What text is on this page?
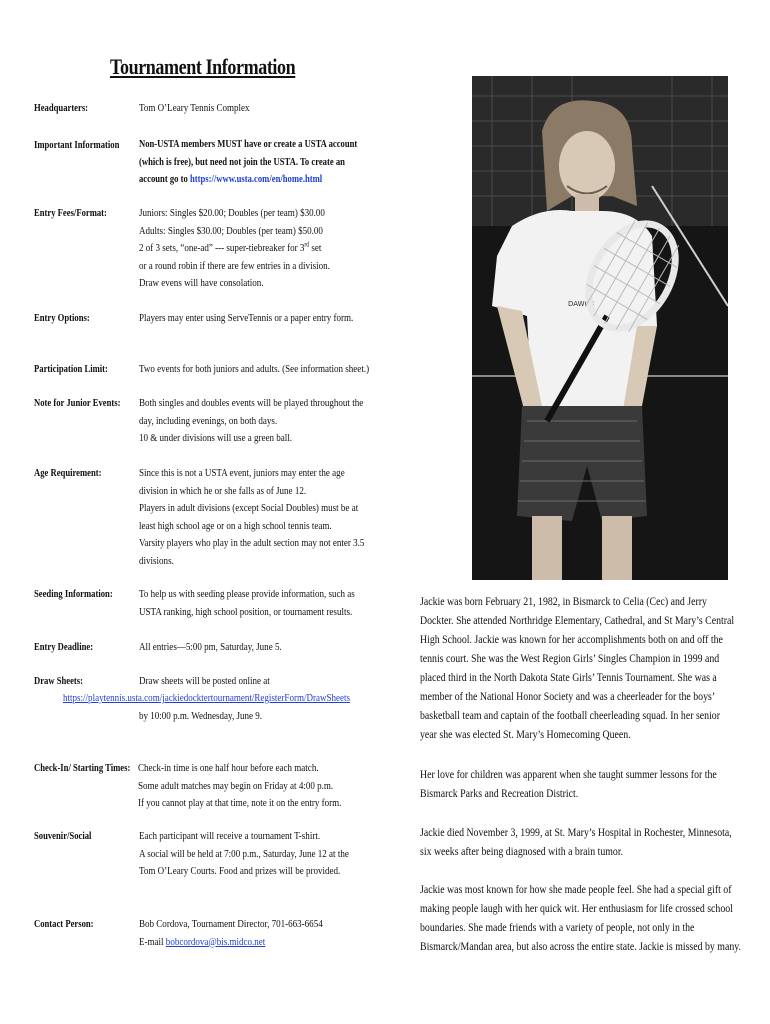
Tournament Information
Headquarters:	Tom O’Leary Tennis Complex
Important Information Non-USTA members MUST have or create a USTA account
(which is free), but need not join the USTA. To create an
account go to https://www.usta.com/en/home.html
Entry Fees/Format:	Juniors: Singles $20.00; Doubles (per team) $30.00
Adults: Singles $30.00; Doubles (per team) $50.00
2 of 3 sets, “one-ad” --- super-tiebreaker for 3rd set
or a round robin if there are few entries in a division.
Draw evens will have consolation.
Entry Options:	Players may enter using ServeTennis or a paper entry form.
Participation Limit:	Two events for both juniors and adults. (See information sheet.)
Note for Junior Events: Both singles and doubles events will be played throughout the
day, including evenings, on both days.
10 & under divisions will use a green ball.
Age Requirement:	Since this is not a USTA event, juniors may enter the age
division in which he or she falls as of June 12.
Players in adult divisions (except Social Doubles) must be at
least high school age or on a high school tennis team.
Varsity players who play in the adult section may not enter 3.5
divisions.
Seeding Information: To help us with seeding please provide information, such as
USTA ranking, high school position, or tournament results.
Entry Deadline:	All entries—5:00 pm, Saturday, June 5.
Draw Sheets:	Draw sheets will be posted online at
https://playtennis.usta.com/jackiedocktertournament/RegisterForm/DrawSheets
by 10:00 p.m. Wednesday, June 9.
Check-In/ Starting Times: Check-in time is one half hour before each match.
Some adult matches may begin on Friday at 4:00 p.m.
If you cannot play at that time, note it on the entry form.
Souvenir/Social	Each participant will receive a tournament T-shirt.
A social will be held at 7:00 p.m., Saturday, June 12 at the
Tom O’Leary Courts. Food and prizes will be provided.
Contact Person:	Bob Cordova, Tournament Director, 701-663-6654
E-mail bobcordova@bis.midco.net
DAWGS
Jackie was born February 21, 1982, in Bismarck to Celia (Cec) and Jerry
Dockter. She attended Northridge Elementary, Cathedral, and St Mary’s Central
High School. Jackie was known for her accomplishments both on and off the
tennis court. She was the West Region Girls’ Singles Champion in 1999 and
placed third in the North Dakota State Girls’ Tennis Tournament. She was a
member of the National Honor Society and was a cheerleader for the boys’
basketball team and captain of the football cheerleading squad. In her senior
year she was elected St. Mary’s Homecoming Queen.
Her love for children was apparent when she taught summer lessons for the
Bismarck Parks and Recreation District.
Jackie died November 3, 1999, at St. Mary’s Hospital in Rochester, Minnesota,
six weeks after being diagnosed with a brain tumor.
Jackie was most known for how she made people feel. She had a special gift of
making people laugh with her quick wit. Her enthusiasm for life crossed school
boundaries. She made friends with a variety of people, not only in the
Bismarck/Mandan area, but also across the entire state. Jackie is missed by many.
